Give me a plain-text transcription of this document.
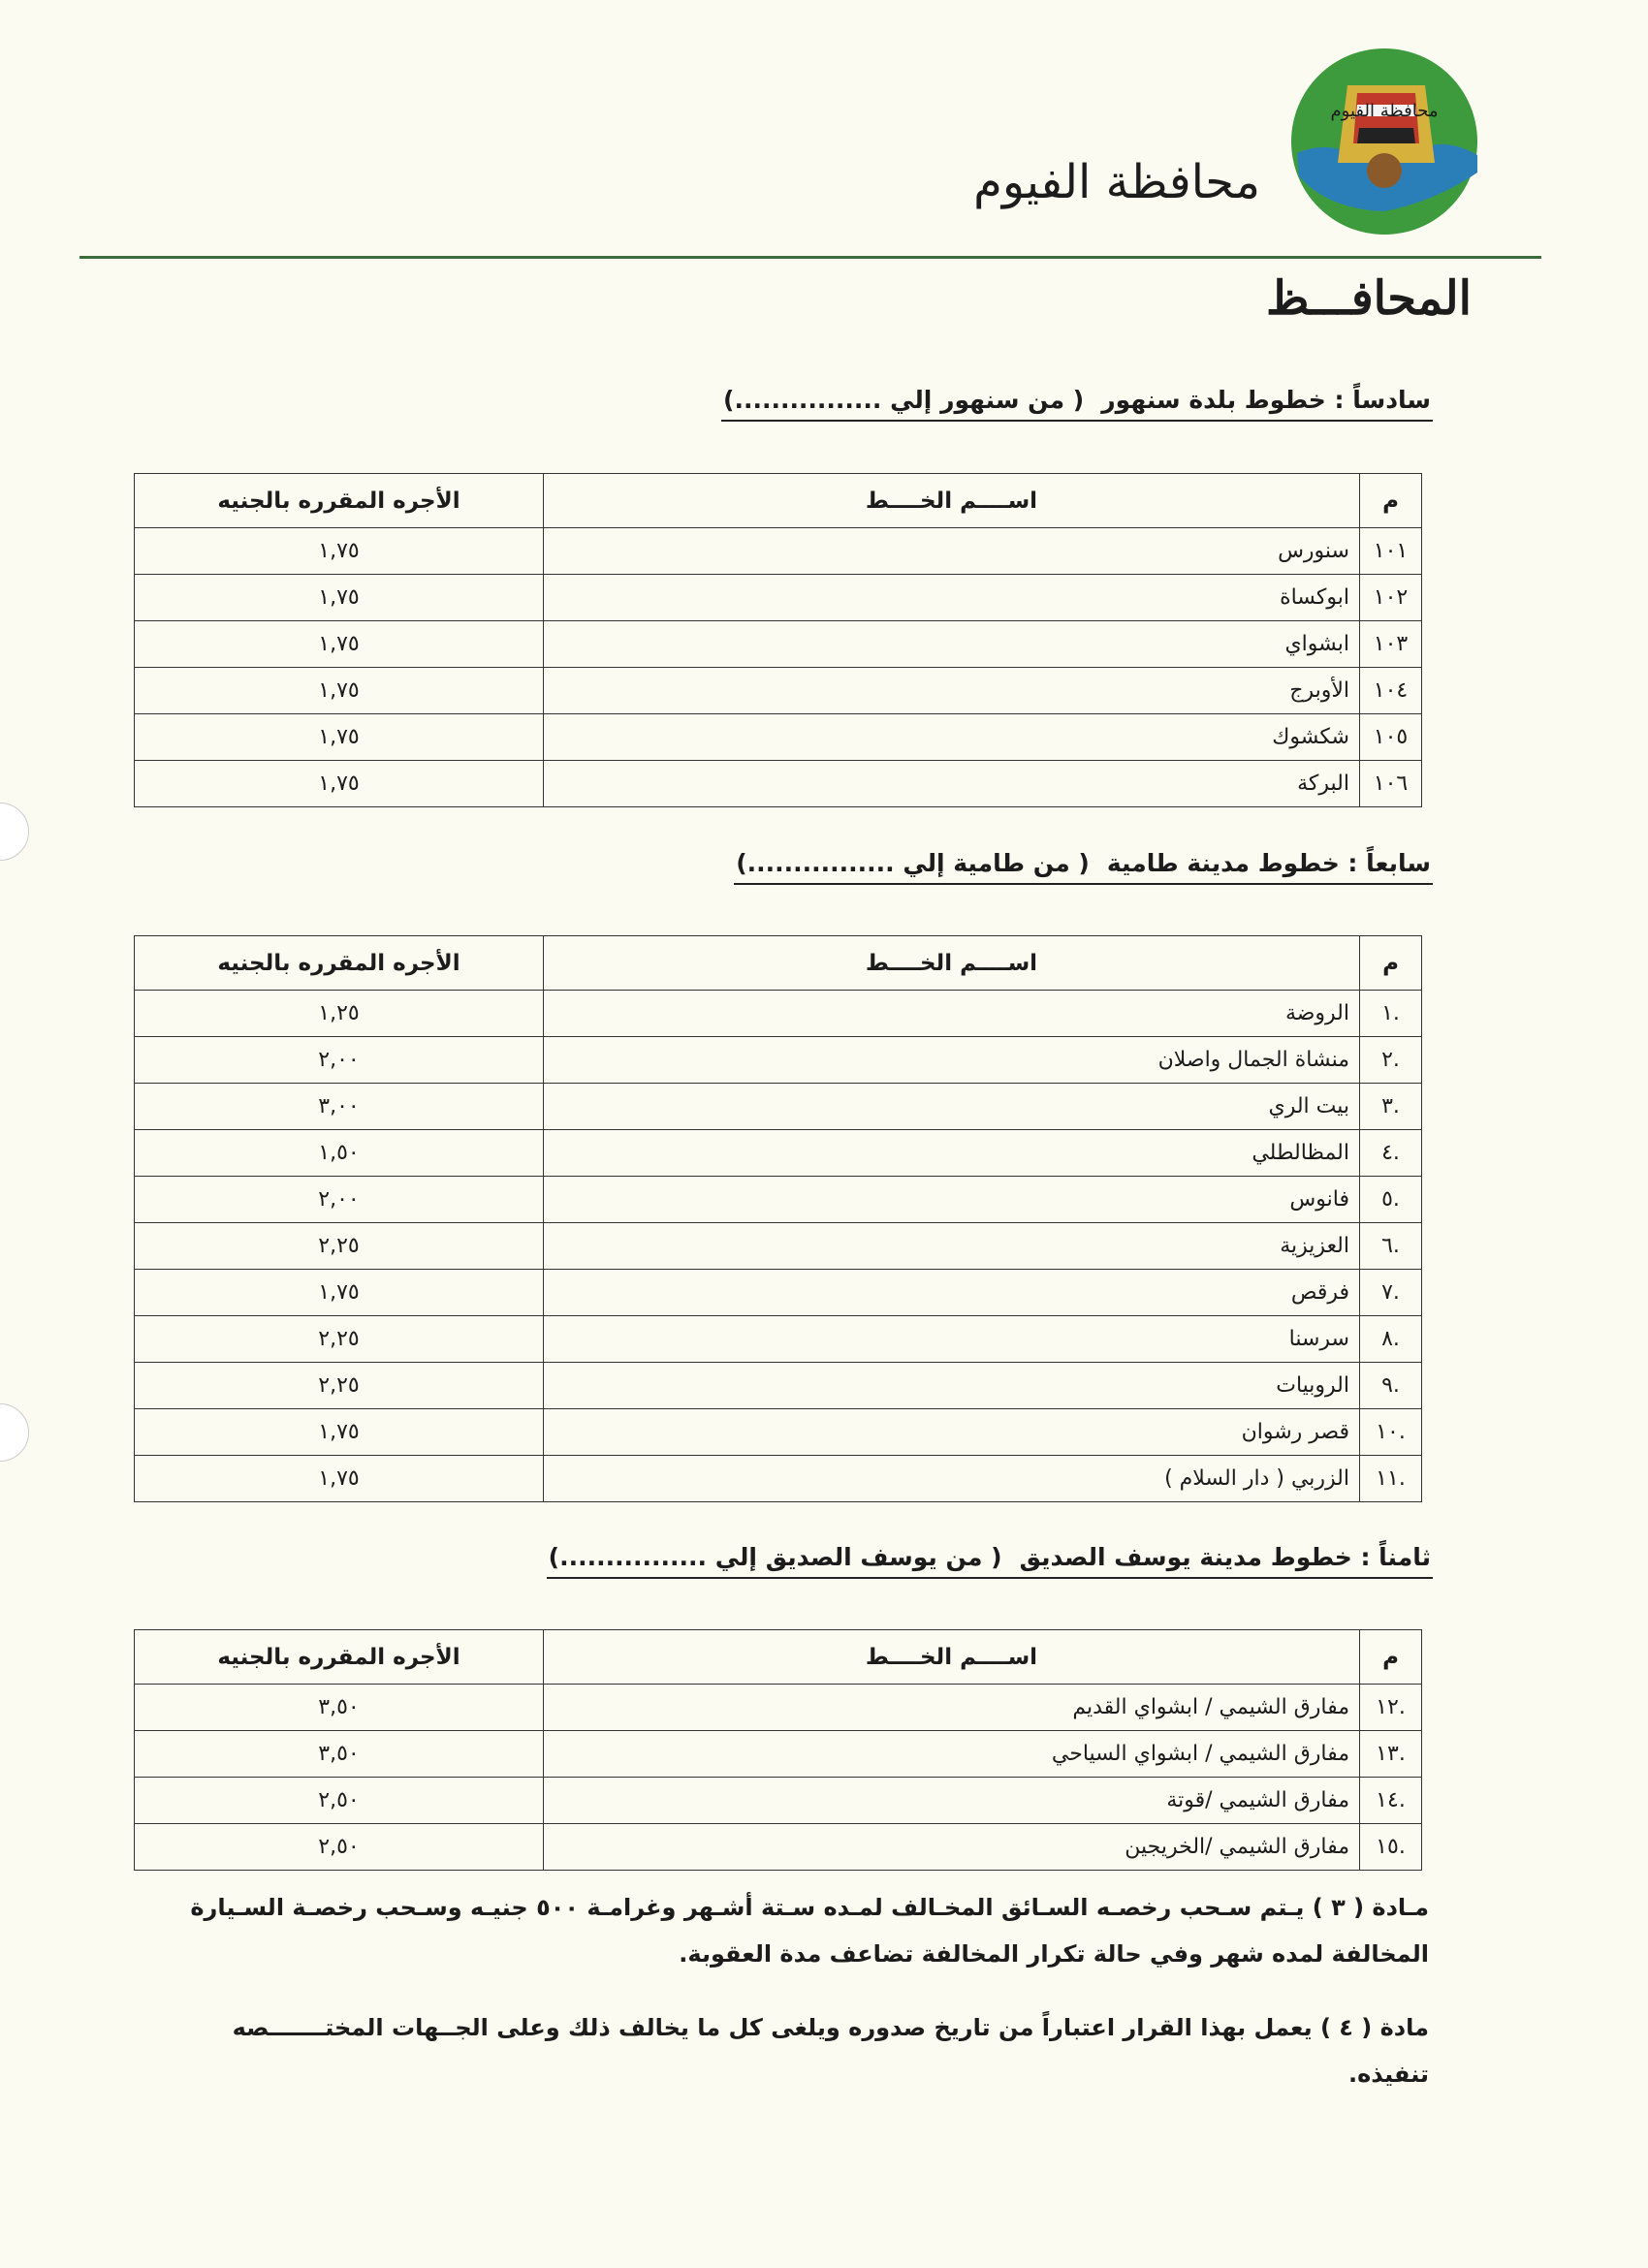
محافظة الفيوم
محافظة الفيوم
المحافـــظ
سادساً : خطوط بلدة سنهور( من سنهور إلي ................)
م	اســــم الخــــط	الأجره المقرره بالجنيه
١٠١	سنورس	١,٧٥
١٠٢	ابوكساة	١,٧٥
١٠٣	ابشواي	١,٧٥
١٠٤	الأوبرج	١,٧٥
١٠٥	شكشوك	١,٧٥
١٠٦	البركة	١,٧٥
سابعاً : خطوط مدينة طامية( من طامية إلي ................)
م	اســــم الخــــط	الأجره المقرره بالجنيه
.١	الروضة	١,٢٥
.٢	منشاة الجمال واصلان	٢,٠٠
.٣	بيت الري	٣,٠٠
.٤	المظالطلي	١,٥٠
.٥	فانوس	٢,٠٠
.٦	العزيزية	٢,٢٥
.٧	فرقص	١,٧٥
.٨	سرسنا	٢,٢٥
.٩	الروبيات	٢,٢٥
.١٠	قصر رشوان	١,٧٥
.١١	الزربي ( دار السلام )	١,٧٥
ثامناً : خطوط مدينة يوسف الصديق( من يوسف الصديق إلي ................)
م	اســــم الخــــط	الأجره المقرره بالجنيه
.١٢	مفارق الشيمي / ابشواي القديم	٣,٥٠
.١٣	مفارق الشيمي / ابشواي السياحي	٣,٥٠
.١٤	مفارق الشيمي /قوتة	٢,٥٠
.١٥	مفارق الشيمي /الخريجين	٢,٥٠
مـادة ( ٣ ) يـتم سـحب رخصـه السـائق المخـالف لمـده سـتة أشـهر وغرامـة ٥٠٠ جنيـه وسـحب رخصـة السـيارة
المخالفة لمده شهر وفي حالة تكرار المخالفة تضاعف مدة العقوبة.
مادة ( ٤ ) يعمل بهذا القرار اعتباراً من تاريخ صدوره ويلغى كل ما يخالف ذلك وعلى الجــهات المختـــــــصه تنفيذه.
